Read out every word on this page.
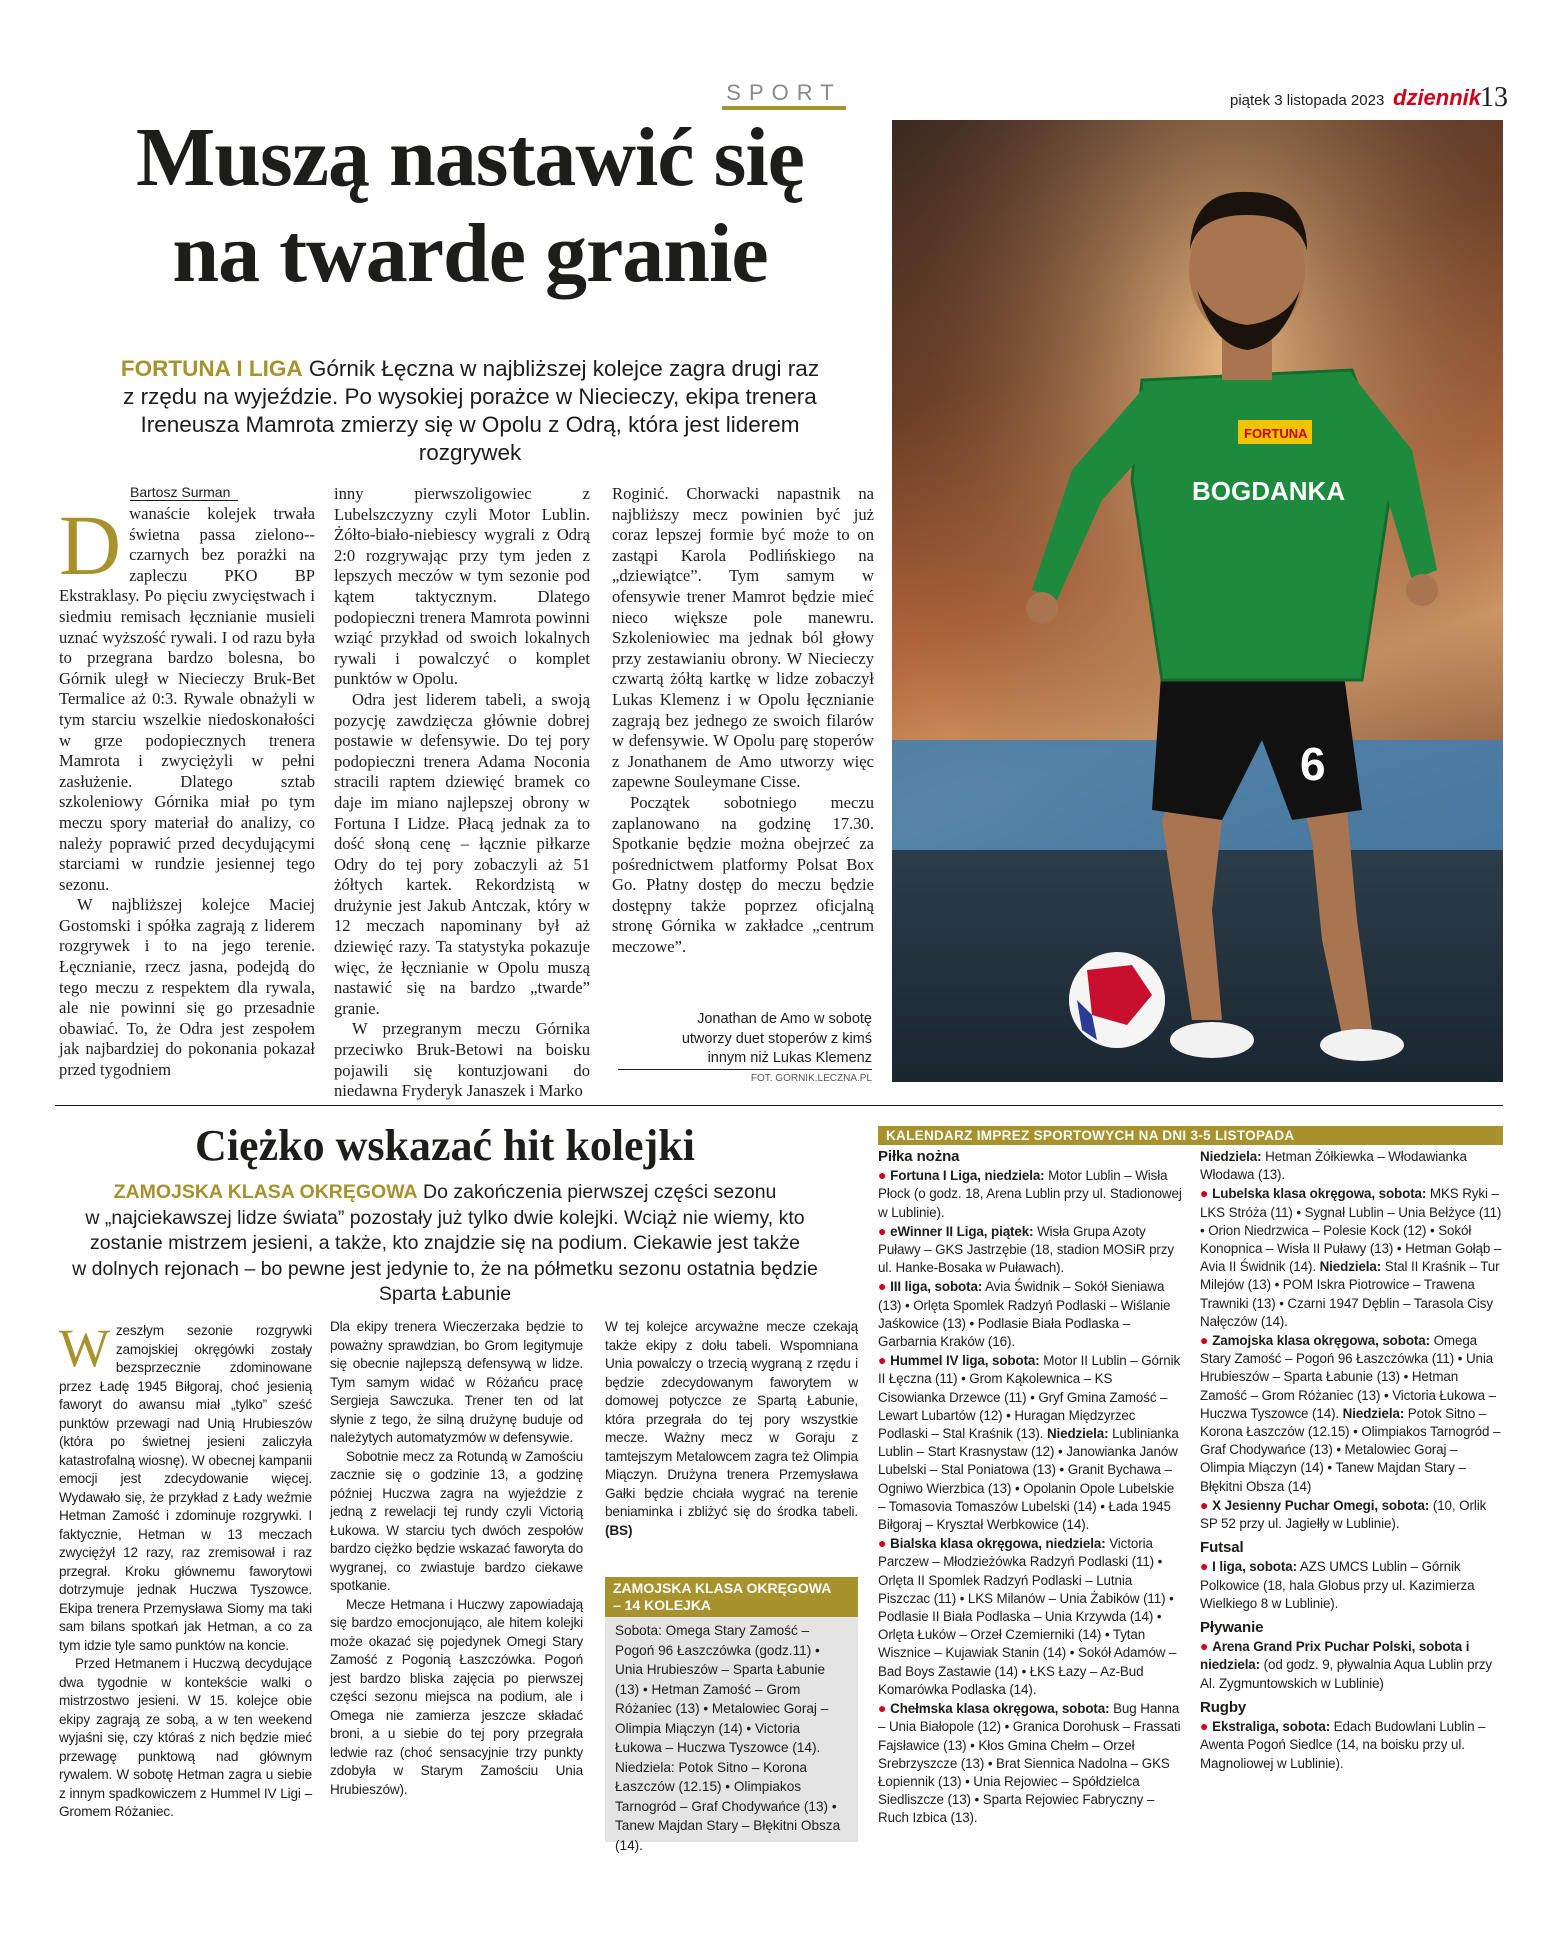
SPORT	piątek 3 listopada 2023 dziennik
13
Muszą nastawić się
na twarde granie
FORTUNA I LIGA Górnik Łęczna w najbliższej kolejce zagra drugi raz
z rzędu na wyjeździe. Po wysokiej porażce w Niecieczy, ekipa trenera
Ireneusza Mamrota zmierzy się w Opolu z Odrą, która jest liderem
rozgrywek
Bartosz Surman

Dwanaście kolejek trwała świetna passa zielono--czarnych bez porażki na zapleczu PKO BP Ekstraklasy. Po pięciu zwycięstwach i siedmiu remisach łęcznianie musieli uznać wyższość rywali. I od razu była to przegrana bardzo bolesna, bo Górnik uległ w Niecieczy Bruk-Bet Termalice aż 0:3. Rywale obnażyli w tym starciu wszelkie niedoskonałości w grze podopiecznych trenera Mamrota i zwyciężyli w pełni zasłużenie. Dlatego sztab szkoleniowy Górnika miał po tym meczu spory materiał do analizy, co należy poprawić przed decydującymi starciami w rundzie jesiennej tego sezonu.

W najbliższej kolejce Maciej Gostomski i spółka zagrają z liderem rozgrywek i to na jego terenie. Łęcznianie, rzecz jasna, podejdą do tego meczu z respektem dla rywala, ale nie powinni się go przesadnie obawiać. To, że Odra jest zespołem jak najbardziej do pokonania pokazał przed tygodniem

inny pierwszoligowiec z Lubelszczyzny czyli Motor Lublin. Żółto-biało-niebiescy wygrali z Odrą 2:0 rozgrywając przy tym jeden z lepszych meczów w tym sezonie pod kątem taktycznym. Dlatego podopieczni trenera Mamrota powinni wziąć przykład od swoich lokalnych rywali i powalczyć o komplet punktów w Opolu.

Odra jest liderem tabeli, a swoją pozycję zawdzięcza głównie dobrej postawie w defensywie. Do tej pory podopieczni trenera Adama Noconia stracili raptem dziewięć bramek co daje im miano najlepszej obrony w Fortuna I Lidze. Płacą jednak za to dość słoną cenę – łącznie piłkarze Odry do tej pory zobaczyli aż 51 żółtych kartek. Rekordzistą w drużynie jest Jakub Antczak, który w 12 meczach napominany był aż dziewięć razy. Ta statystyka pokazuje więc, że łęcznianie w Opolu muszą nastawić się na bardzo „twarde” granie.

W przegranym meczu Górnika przeciwko Bruk-Betowi na boisku pojawili się kontuzjowani do niedawna Fryderyk Janaszek i Marko

Roginić. Chorwacki napastnik na najbliższy mecz powinien być już coraz lepszej formie być może to on zastąpi Karola Podlińskiego na „dziewiątce”. Tym samym w ofensywie trener Mamrot będzie mieć nieco większe pole manewru. Szkoleniowiec ma jednak ból głowy przy zestawianiu obrony. W Niecieczy czwartą żółtą kartkę w lidze zobaczył Lukas Klemenz i w Opolu łęcznianie zagrają bez jednego ze swoich filarów w defensywie. W Opolu parę stoperów z Jonathanem de Amo utworzy więc zapewne Souleymane Cisse.

Początek sobotniego meczu zaplanowano na godzinę 17.30. Spotkanie będzie można obejrzeć za pośrednictwem platformy Polsat Box Go. Płatny dostęp do meczu będzie dostępny także poprzez oficjalną stronę Górnika w zakładce „centrum meczowe”.

Jonathan de Amo w sobotę
utworzy duet stoperów z kimś
innym niż Lukas Klemenz
FOT. GORNIK.LECZNA.PL
6
FORTUNA
BOGDANKA
Ciężko wskazać hit kolejki
ZAMOJSKA KLASA OKRĘGOWA Do zakończenia pierwszej części sezonu
w „najciekawszej lidze świata” pozostały już tylko dwie kolejki. Wciąż nie wiemy, kto
zostanie mistrzem jesieni, a także, kto znajdzie się na podium. Ciekawie jest także
w dolnych rejonach – bo pewne jest jedynie to, że na półmetku sezonu ostatnia będzie
Sparta Łabunie

Wzeszłym sezonie rozgrywki zamojskiej okręgówki zostały bezsprzecznie zdominowane przez Ładę 1945 Biłgoraj, choć jesienią faworyt do awansu miał „tylko” sześć punktów przewagi nad Unią Hrubieszów (która po świetnej jesieni zaliczyła katastrofalną wiosnę). W obecnej kampanii emocji jest zdecydowanie więcej. Wydawało się, że przykład z Łady weźmie Hetman Zamość i zdominuje rozgrywki. I faktycznie, Hetman w 13 meczach zwyciężył 12 razy, raz zremisował i raz przegrał. Kroku głównemu faworytowi dotrzymuje jednak Huczwa Tyszowce. Ekipa trenera Przemysława Siomy ma taki sam bilans spotkań jak Hetman, a co za tym idzie tyle samo punktów na koncie.

Przed Hetmanem i Huczwą decydujące dwa tygodnie w kontekście walki o mistrzostwo jesieni. W 15. kolejce obie ekipy zagrają ze sobą, a w ten weekend wyjaśni się, czy któraś z nich będzie mieć przewagę punktową nad głównym rywalem. W sobotę Hetman zagra u siebie z innym spadkowiczem z Hummel IV Ligi – Gromem Różaniec.

Dla ekipy trenera Wieczerzaka będzie to poważny sprawdzian, bo Grom legitymuje się obecnie najlepszą defensywą w lidze. Tym samym widać w Różańcu pracę Sergieja Sawczuka. Trener ten od lat słynie z tego, że silną drużynę buduje od należytych automatyzmów w defensywie.

Sobotnie mecz za Rotundą w Zamościu zacznie się o godzinie 13, a godzinę później Huczwa zagra na wyjeździe z jedną z rewelacji tej rundy czyli Victorią Łukowa. W starciu tych dwóch zespołów bardzo ciężko będzie wskazać faworyta do wygranej, co zwiastuje bardzo ciekawe spotkanie.

Mecze Hetmana i Huczwy zapowiadają się bardzo emocjonująco, ale hitem kolejki może okazać się pojedynek Omegi Stary Zamość z Pogonią Łaszczówka. Pogoń jest bardzo bliska zajęcia po pierwszej części sezonu miejsca na podium, ale i Omega nie zamierza jeszcze składać broni, a u siebie do tej pory przegrała ledwie raz (choć sensacyjnie trzy punkty zdobyła w Starym Zamościu Unia Hrubieszów).

W tej kolejce arcyważne mecze czekają także ekipy z dołu tabeli. Wspomniana Unia powalczy o trzecią wygraną z rzędu i będzie zdecydowanym faworytem w domowej potyczce ze Spartą Łabunie, która przegrała do tej pory wszystkie mecze. Ważny mecz w Goraju z tamtejszym Metalowcem zagra też Olimpia Miączyn. Drużyna trenera Przemysława Gałki będzie chciała wygrać na terenie beniaminka i zbliżyć się do środka tabeli. (BS)

ZAMOJSKA KLASA OKRĘGOWA
– 14 KOLEJKA
Sobota: Omega Stary Zamość – Pogoń 96 Łaszczówka (godz.11) • Unia Hrubieszów – Sparta Łabunie (13) • Hetman Zamość – Grom Różaniec (13) • Metalowiec Goraj – Olimpia Miączyn (14) • Victoria Łukowa – Huczwa Tyszowce (14). Niedziela: Potok Sitno – Korona Łaszczów (12.15) • Olimpiakos Tarnogród – Graf Chodywańce (13) • Tanew Majdan Stary – Błękitni Obsza (14).
KALENDARZ IMPREZ SPORTOWYCH NA DNI 3-5 LISTOPADA
Piłka nożna
● Fortuna I Liga, niedziela: Motor Lublin – Wisła Płock (o godz. 18, Arena Lublin przy ul. Stadionowej w Lublinie).
● eWinner II Liga, piątek: Wisła Grupa Azoty Puławy – GKS Jastrzębie (18, stadion MOSiR przy ul. Hanke-Bosaka w Puławach).
● III liga, sobota: Avia Świdnik – Sokół Sieniawa (13) • Orlęta Spomlek Radzyń Podlaski – Wiślanie Jaśkowice (13) • Podlasie Biała Podlaska – Garbarnia Kraków (16).
● Hummel IV liga, sobota: Motor II Lublin – Górnik II Łęczna (11) • Grom Kąkolewnica – KS Cisowianka Drzewce (11) • Gryf Gmina Zamość – Lewart Lubartów (12) • Huragan Międzyrzec Podlaski – Stal Kraśnik (13). Niedziela: Lublinianka Lublin – Start Krasnystaw (12) • Janowianka Janów Lubelski – Stal Poniatowa (13) • Granit Bychawa – Ogniwo Wierzbica (13) • Opolanin Opole Lubelskie – Tomasovia Tomaszów Lubelski (14) • Łada 1945 Biłgoraj – Kryształ Werbkowice (14).
● Bialska klasa okręgowa, niedziela: Victoria Parczew – Młodzieżówka Radzyń Podlaski (11) • Orlęta II Spomlek Radzyń Podlaski – Lutnia Piszczac (11) • LKS Milanów – Unia Żabików (11) • Podlasie II Biała Podlaska – Unia Krzywda (14) • Orlęta Łuków – Orzeł Czemierniki (14) • Tytan Wisznice – Kujawiak Stanin (14) • Sokół Adamów – Bad Boys Zastawie (14) • ŁKS Łazy – Az-Bud Komarówka Podlaska (14).
● Chełmska klasa okręgowa, sobota: Bug Hanna – Unia Białopole (12) • Granica Dorohusk – Frassati Fajsławice (13) • Kłos Gmina Chełm – Orzeł Srebrzyszcze (13) • Brat Siennica Nadolna – GKS Łopiennik (13) • Unia Rejowiec – Spółdzielca Siedliszcze (13) • Sparta Rejowiec Fabryczny – Ruch Izbica (13).
Niedziela: Hetman Żółkiewka – Włodawianka Włodawa (13).
● Lubelska klasa okręgowa, sobota: MKS Ryki – LKS Stróża (11) • Sygnał Lublin – Unia Bełżyce (11) • Orion Niedrzwica – Polesie Kock (12) • Sokół Konopnica – Wisła II Puławy (13) • Hetman Gołąb – Avia II Świdnik (14). Niedziela: Stal II Kraśnik – Tur Milejów (13) • POM Iskra Piotrowice – Trawena Trawniki (13) • Czarni 1947 Dęblin – Tarasola Cisy Nałęczów (14).
● Zamojska klasa okręgowa, sobota: Omega Stary Zamość – Pogoń 96 Łaszczówka (11) • Unia Hrubieszów – Sparta Łabunie (13) • Hetman Zamość – Grom Różaniec (13) • Victoria Łukowa – Huczwa Tyszowce (14). Niedziela: Potok Sitno – Korona Łaszczów (12.15) • Olimpiakos Tarnogród – Graf Chodywańce (13) • Metalowiec Goraj – Olimpia Miączyn (14) • Tanew Majdan Stary – Błękitni Obsza (14)
● X Jesienny Puchar Omegi, sobota: (10, Orlik SP 52 przy ul. Jagiełły w Lublinie).
Futsal
● I liga, sobota: AZS UMCS Lublin – Górnik Polkowice (18, hala Globus przy ul. Kazimierza Wielkiego 8 w Lublinie).
Pływanie
● Arena Grand Prix Puchar Polski, sobota i niedziela: (od godz. 9, pływalnia Aqua Lublin przy Al. Zygmuntowskich w Lublinie)
Rugby
● Ekstraliga, sobota: Edach Budowlani Lublin – Awenta Pogoń Siedlce (14, na boisku przy ul. Magnoliowej w Lublinie).
